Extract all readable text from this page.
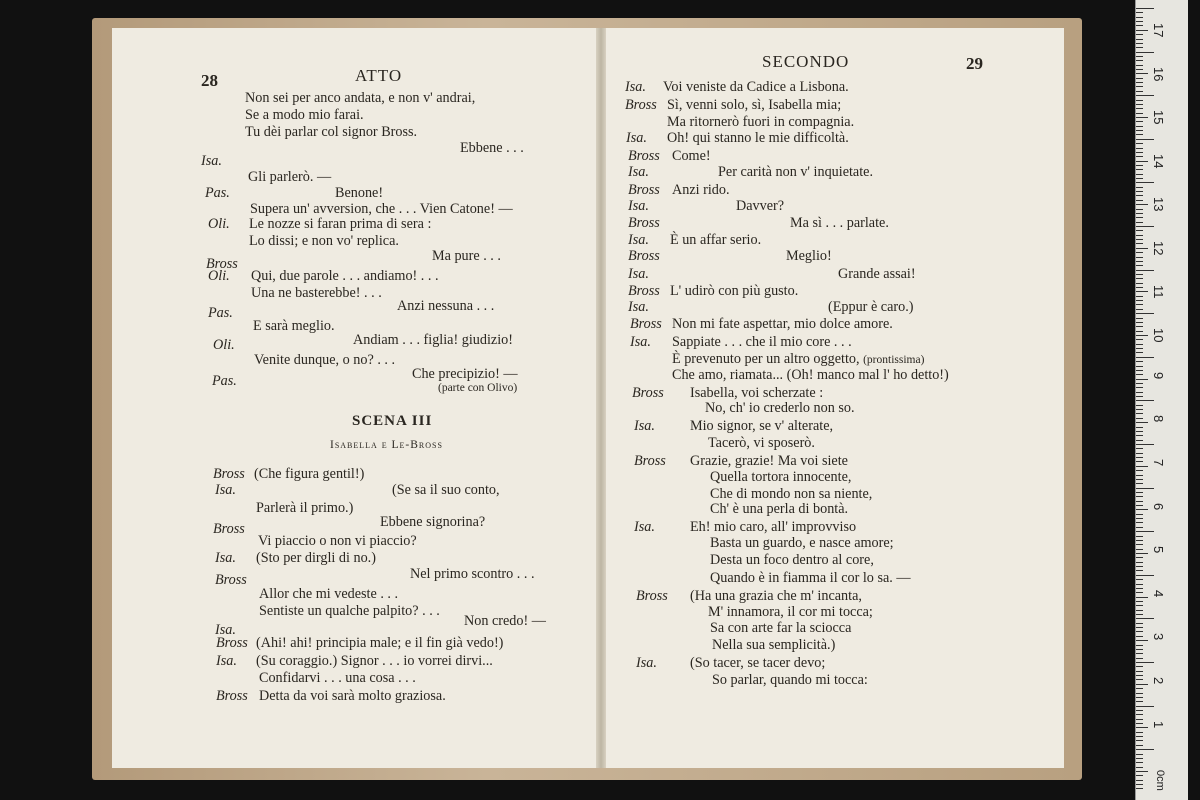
28	ATTO
29
SECONDO
Non sei per anco andata, e non v' andrai,
Se a modo mio farai.
Tu dèi parlar col signor Bross.
Ebbene . . .
Isa.
Gli parlerò. —
Pas.	Benone!
Supera un' avversion, che . . . Vien Catone! —
Oli. Le nozze si faran prima di sera :
Lo dissi; e non vo' replica.
Ma pure . . .
Bross
Oli. Qui, due parole . . . andiamo! . . .
Una ne basterebbe! . . .
Anzi nessuna . . .
Pas.
E sarà meglio.
Andiam . . . figlia! giudizio!
Oli.
Venite dunque, o no? . . .
Che precipizio! —
Pas.	(parte con Olivo)
SCENA III
Isabella e Le-Bross
Bross (Che figura gentil!)
Isa.	(Se sa il suo conto,
Parlerà il primo.)
Ebbene signorina?
Bross
Vi piaccio o non vi piaccio?
Isa. (Sto per dirgli di no.)
Nel primo scontro . . .
Bross
Allor che mi vedeste . . .
Sentiste un qualche palpito? . . .
Non credo! —
Isa.
Bross (Ahi! ahi! principia male; e il fin già vedo!)
Isa. (Su coraggio.) Signor . . . io vorrei dirvi...
Confidarvi . . . una cosa . . .
Bross Detta da voi sarà molto graziosa.
Isa. Voi veniste da Cadice a Lisbona.
Bross Sì, venni solo, sì, Isabella mia;
Ma ritornerò fuori in compagnia.
Isa. Oh! qui stanno le mie difficoltà.
Bross Come!
Isa.	Per carità non v' inquietate.
Bross Anzi rido.
Isa.	Davver?
Bross	Ma sì . . . parlate.
Isa. È un affar serio.
Bross	Meglio!
Isa.	Grande assai!
Bross L' udirò con più gusto.
Isa.	(Eppur è caro.)
Bross Non mi fate aspettar, mio dolce amore.
Isa. Sappiate . . . che il mio core . . .
È prevenuto per un altro oggetto, (prontissima)
Che amo, riamata... (Oh! manco mal l' ho detto!)
Bross Isabella, voi scherzate :
No, ch' io crederlo non so.
Isa. Mio signor, se v' alterate,
Tacerò, vi sposerò.
Bross Grazie, grazie! Ma voi siete
Quella tortora innocente,
Che di mondo non sa niente,
Ch' è una perla di bontà.
Isa. Eh! mio caro, all' improvviso
Basta un guardo, e nasce amore;
Desta un foco dentro al core,
Quando è in fiamma il cor lo sa. —
Bross (Ha una grazia che m' incanta,
M' innamora, il cor mi tocca;
Sa con arte far la sciocca
Nella sua semplicità.)
Isa. (So tacer, se tacer devo;
So parlar, quando mi tocca:
0cm
17
16
15
14
13
12
11
10
9
8
7
6
5
4
3
2
1
